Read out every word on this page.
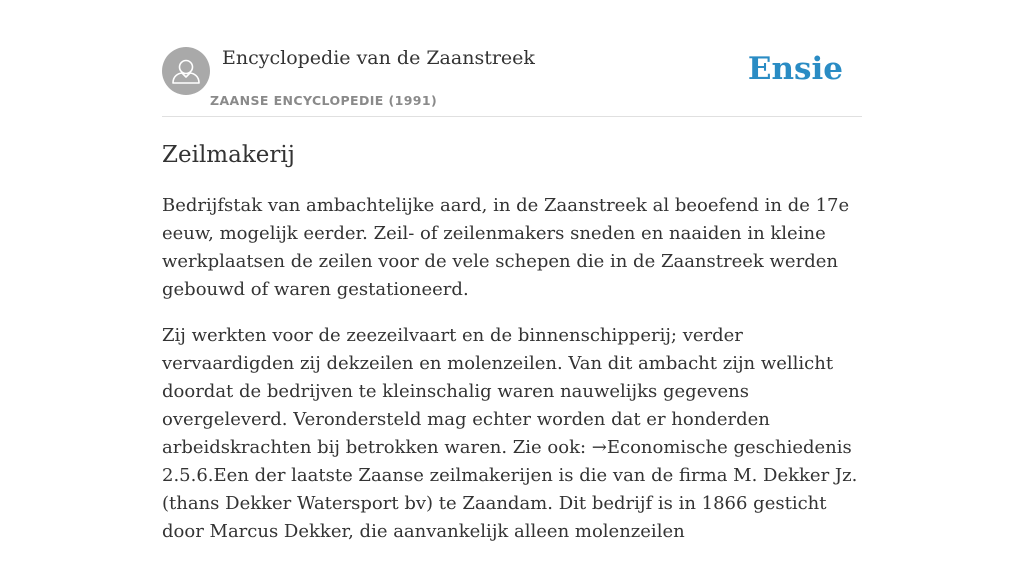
Encyclopedie van de Zaanstreek
ZAANSE ENCYCLOPEDIE (1991)
Ensie
Zeilmakerij

Bedrijfstak van ambachtelijke aard, in de Zaanstreek al beoefend in de 17e eeuw, mogelijk eerder. Zeil- of zeilenmakers sneden en naaiden in kleine werkplaatsen de zeilen voor de vele schepen die in de Zaanstreek werden gebouwd of waren gestationeerd.

Zij werkten voor de zeezeilvaart en de binnenschipperij; verder vervaardigden zij dekzeilen en molenzeilen. Van dit ambacht zijn wellicht doordat de bedrijven te kleinschalig waren nauwelijks gegevens overgeleverd. Verondersteld mag echter worden dat er honderden arbeidskrachten bij betrokken waren. Zie ook: →Economische geschiedenis 2.5.6.Een der laatste Zaanse zeilmakerijen is die van de firma M. Dekker Jz. (thans Dekker Watersport bv) te Zaandam. Dit bedrijf is in 1866 gesticht door Marcus Dekker, die aanvankelijk alleen molenzeilen
